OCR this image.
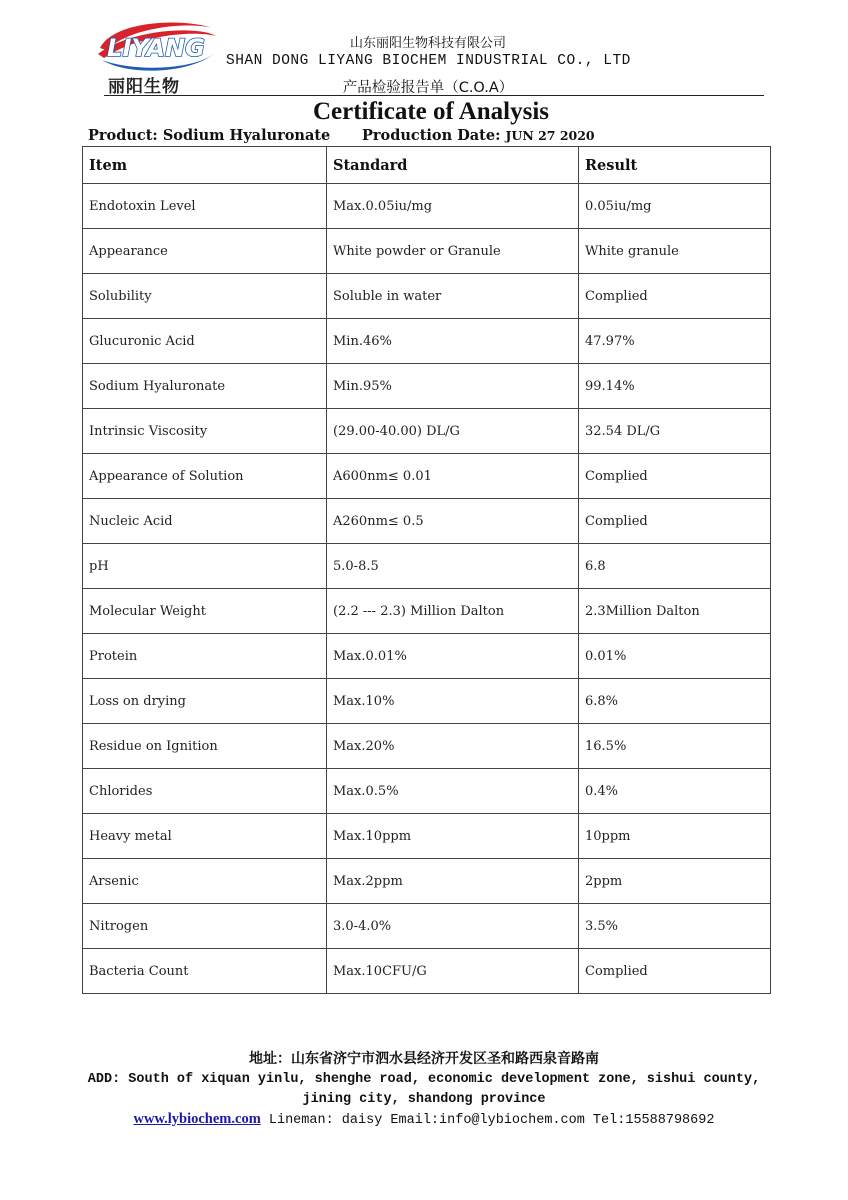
LIYANG
丽阳生物
山东丽阳生物科技有限公司
SHAN DONG LIYANG BIOCHEM INDUSTRIAL CO., LTD
产品检验报告单（C.O.A）
Certificate of Analysis
Product: Sodium Hyaluronate Production Date: JUN 27 2020
Item	Standard	Result
Endotoxin Level	Max.0.05iu/mg	0.05iu/mg
Appearance	White powder or Granule	White granule
Solubility	Soluble in water	Complied
Glucuronic Acid	Min.46%	47.97%
Sodium Hyaluronate	Min.95%	99.14%
Intrinsic Viscosity	(29.00-40.00) DL/G	32.54 DL/G
Appearance of Solution	A600nm≤ 0.01	Complied
Nucleic Acid	A260nm≤ 0.5	Complied
pH	5.0-8.5	6.8
Molecular Weight	(2.2 --- 2.3) Million Dalton	2.3Million Dalton
Protein	Max.0.01%	0.01%
Loss on drying	Max.10%	6.8%
Residue on Ignition	Max.20%	16.5%
Chlorides	Max.0.5%	0.4%
Heavy metal	Max.10ppm	10ppm
Arsenic	Max.2ppm	2ppm
Nitrogen	3.0-4.0%	3.5%
Bacteria Count	Max.10CFU/G	Complied
地址：山东省济宁市泗水县经济开发区圣和路西泉音路南
ADD: South of xiquan yinlu, shenghe road, economic development zone, sishui county, jining city, shandong province
www.lybiochem.com Lineman: daisy Email:info@lybiochem.com Tel:15588798692
